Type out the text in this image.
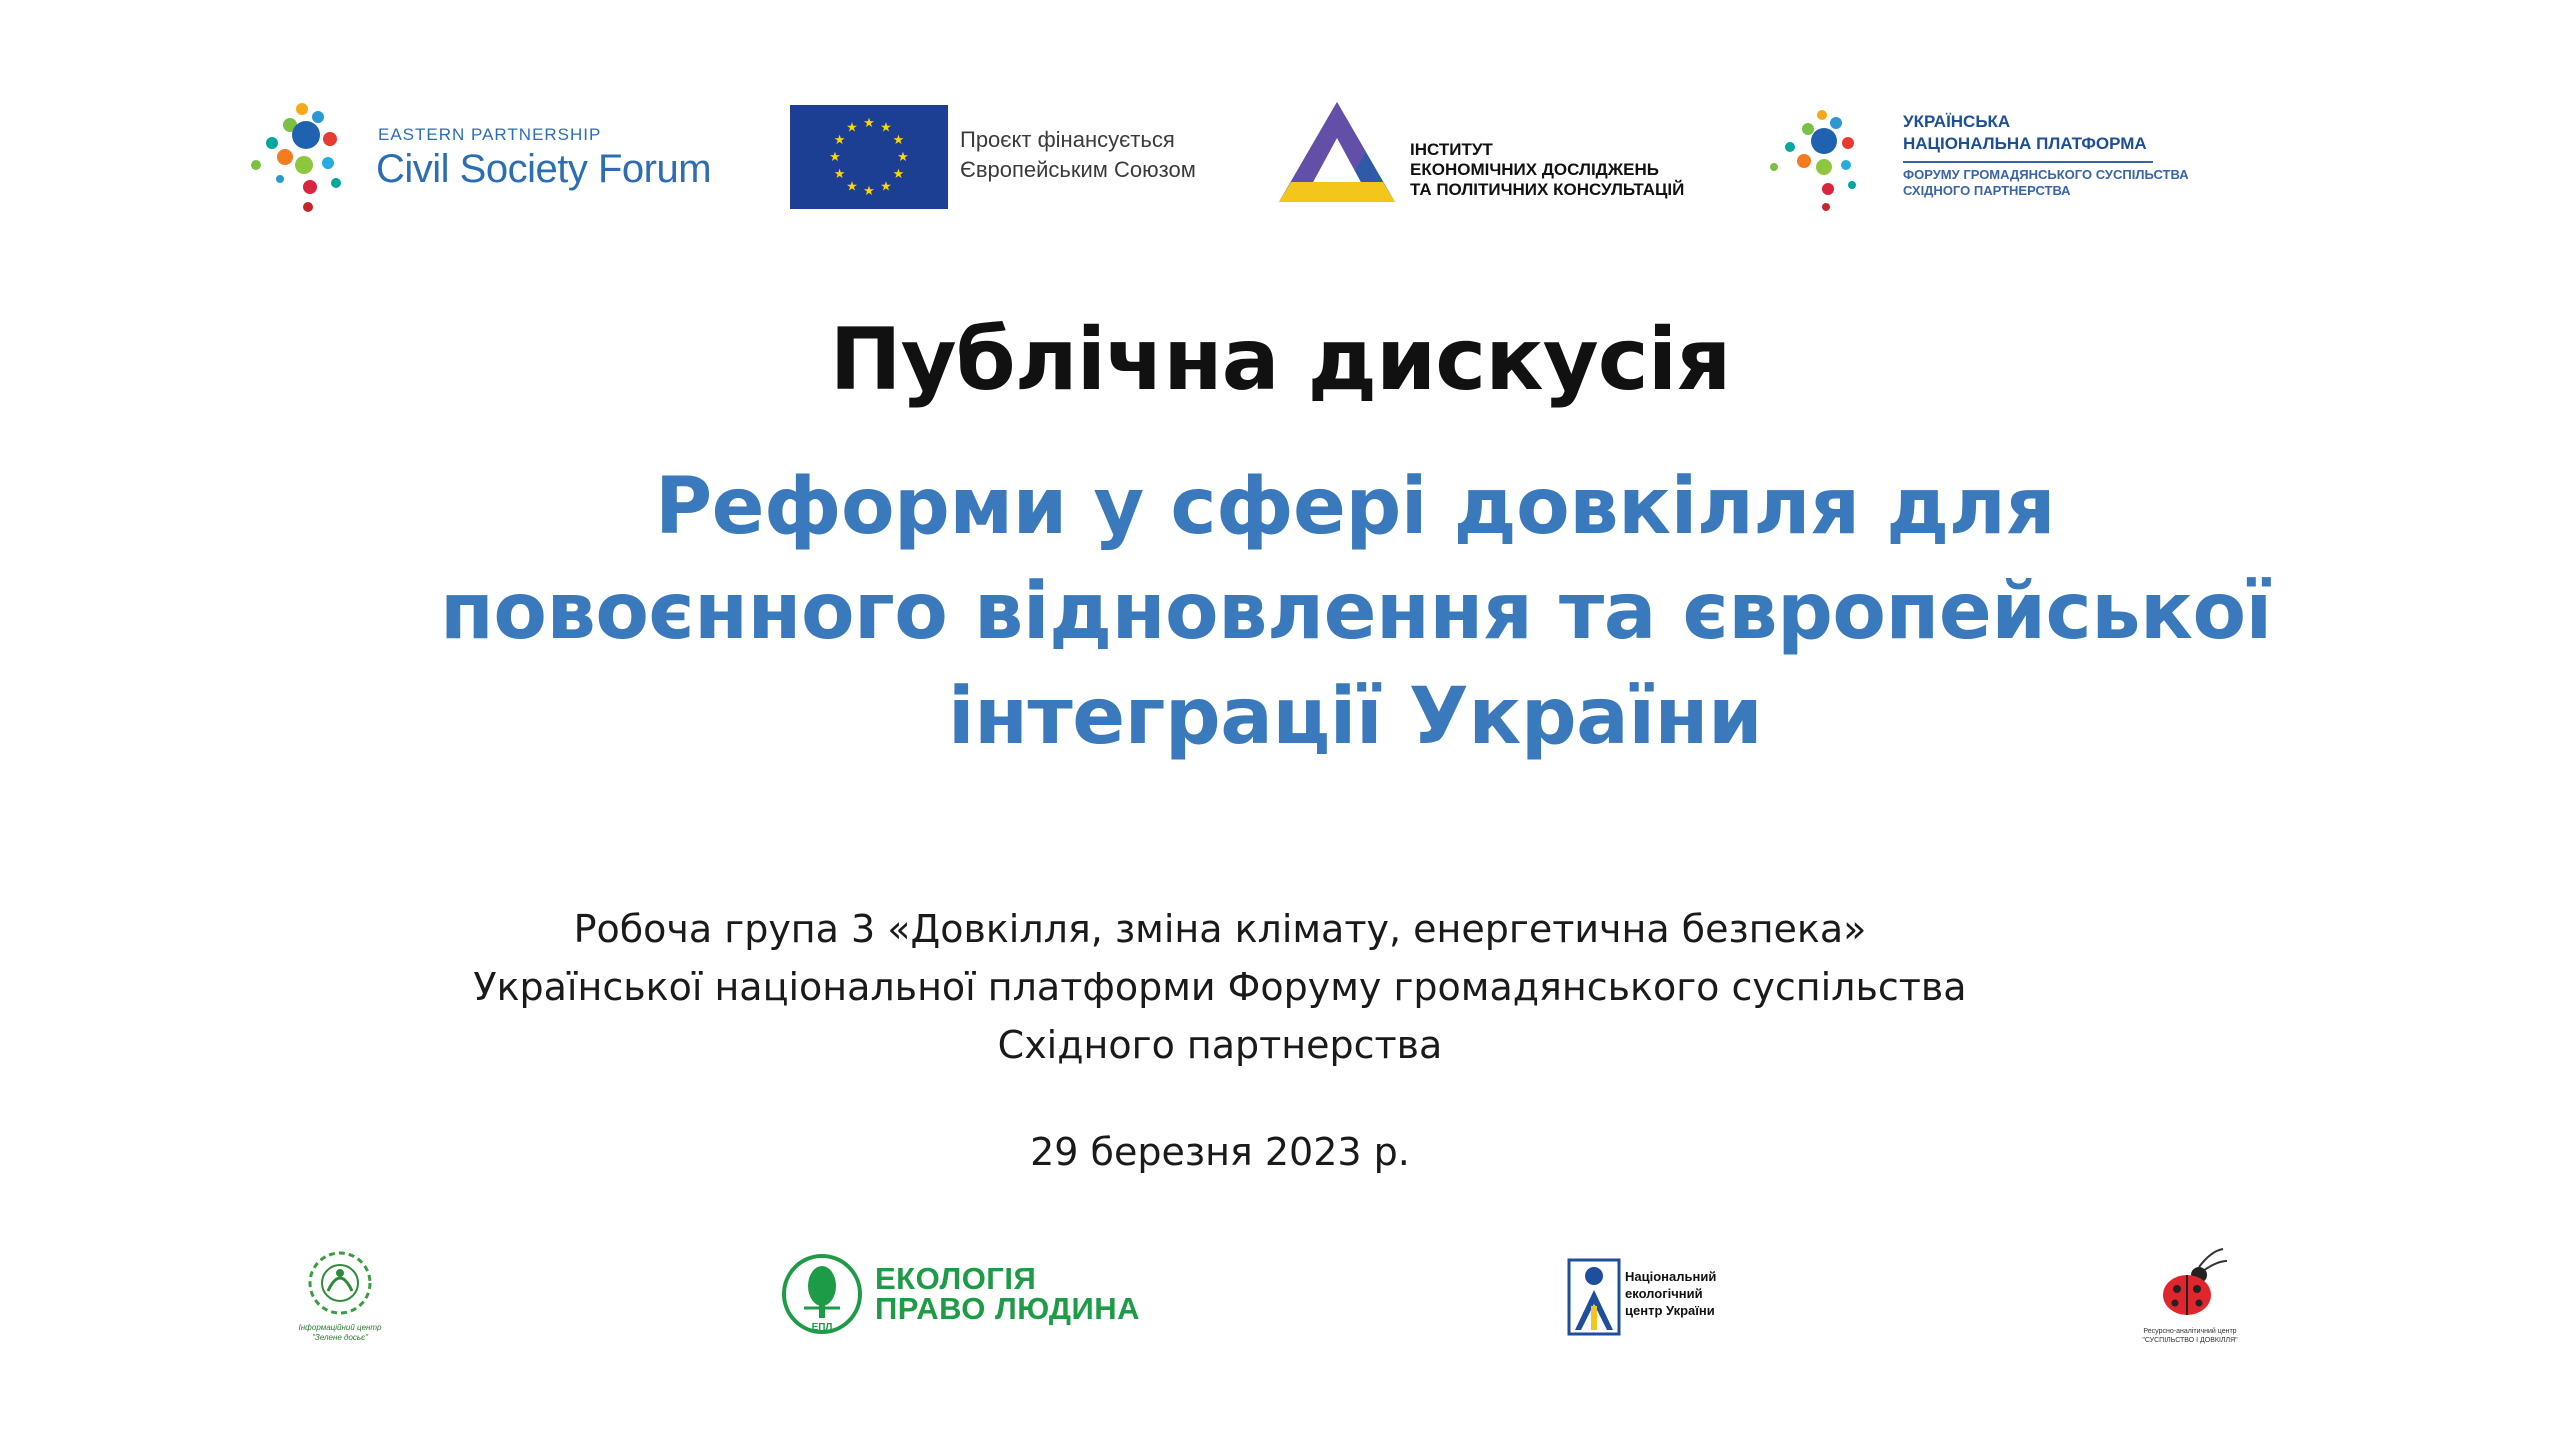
EASTERN PARTNERSHIP
Civil Society Forum
★ ★
★
★
★
★
★
★
★
★
★
★	Проєкт фінансується
Європейським Союзом
ІНСТИТУТ
ЕКОНОМІЧНИХ ДОСЛІДЖЕНЬ
ТА ПОЛІТИЧНИХ КОНСУЛЬТАЦІЙ
УКРАЇНСЬКА
НАЦІОНАЛЬНА ПЛАТФОРМА
ФОРУМУ ГРОМАДЯНСЬКОГО СУСПІЛЬСТВА
СХІДНОГО ПАРТНЕРСТВА
Публічна дискусія
Реформи у сфері довкілля для
повоєнного відновлення та європейської
інтеграції України
Робоча група 3 «Довкілля, зміна клімату, енергетична безпека»
Української національної платформи Форуму громадянського суспільства
Східного партнерства
29 березня 2023 р.
Інформаційний центр
"Зелене досьє"
ЕПЛ
ЕКОЛОГІЯ
ПРАВО ЛЮДИНА
Національний
екологічний
центр України
Ресурсно-аналітичний центр
"СУСПІЛЬСТВО І ДОВКІЛЛЯ"
